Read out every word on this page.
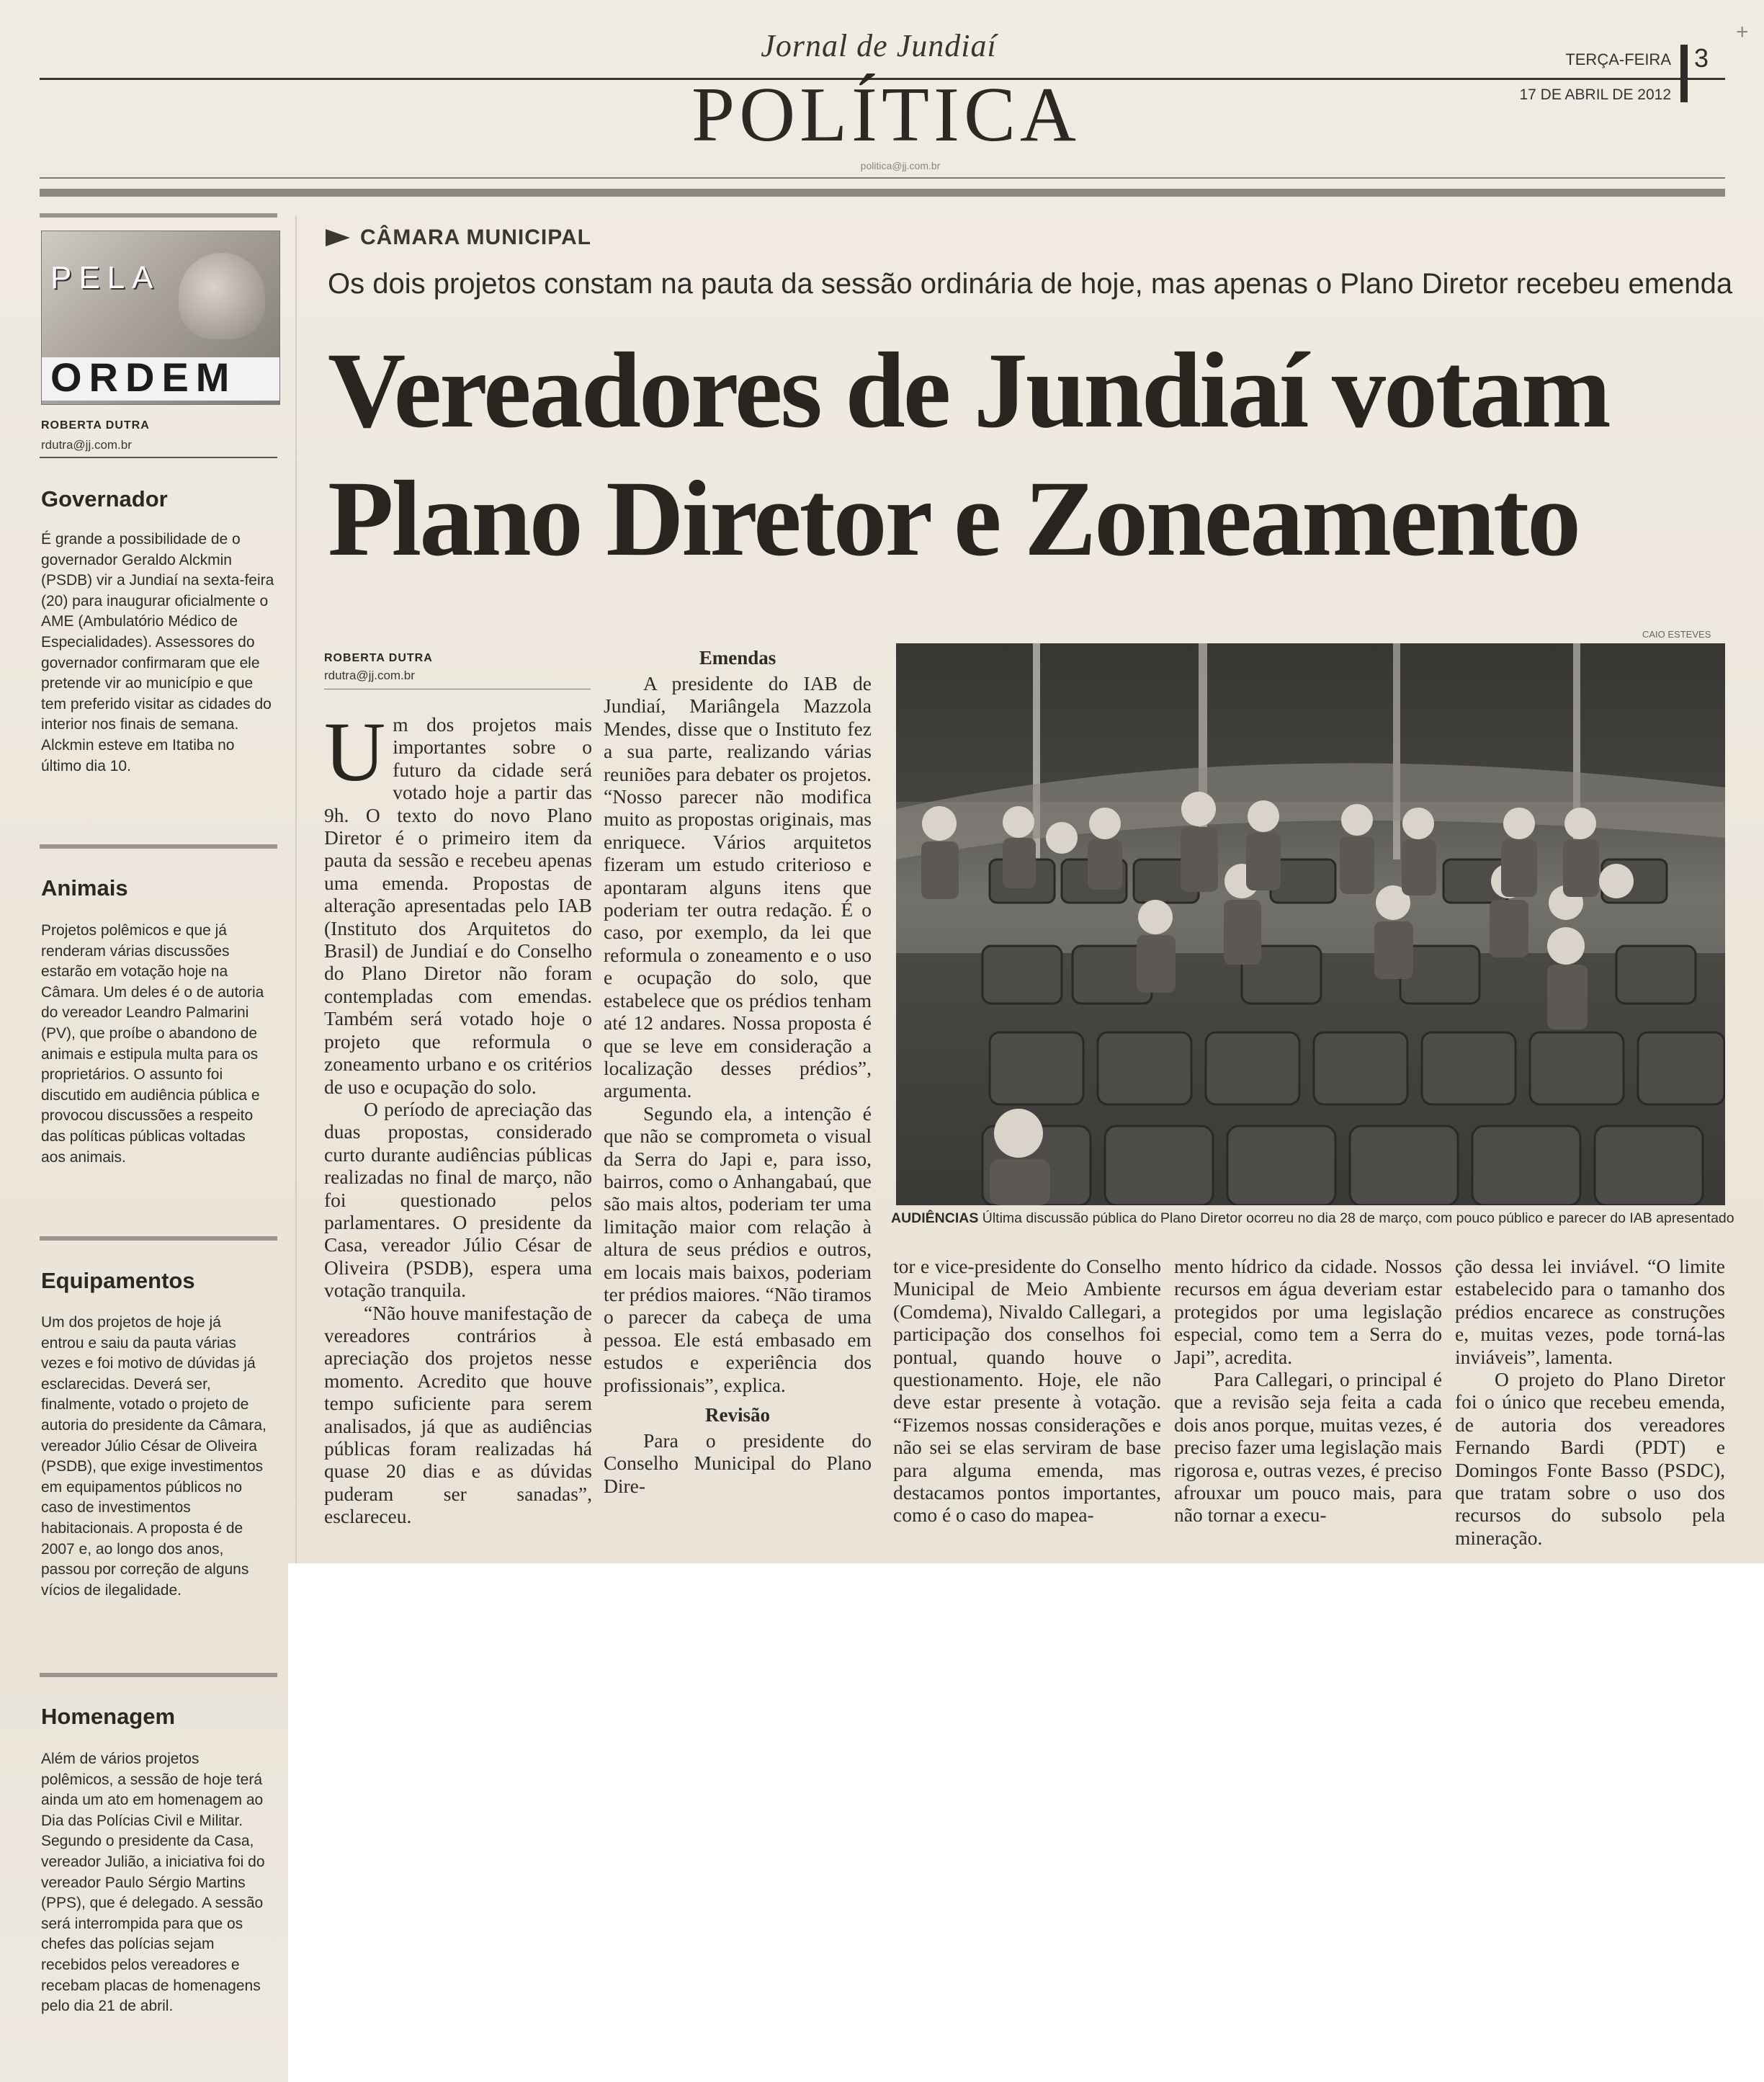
+
Jornal de Jundiaí
POLÍTICA
TERÇA-FEIRA 3
17 DE ABRIL DE 2012
politica@jj.com.br
PELA
ORDEM
ROBERTA DUTRA
rdutra@jj.com.br
Governador
É grande a possibilidade de o
governador Geraldo Alckmin
(PSDB) vir a Jundiaí na sexta-feira
(20) para inaugurar oficialmente o
AME (Ambulatório Médico de
Especialidades). Assessores do
governador confirmaram que ele
pretende vir ao município e que
tem preferido visitar as cidades do
interior nos finais de semana.
Alckmin esteve em Itatiba no
último dia 10.
Animais
Projetos polêmicos e que já
renderam várias discussões
estarão em votação hoje na
Câmara. Um deles é o de autoria
do vereador Leandro Palmarini
(PV), que proíbe o abandono de
animais e estipula multa para os
proprietários. O assunto foi
discutido em audiência pública e
provocou discussões a respeito
das políticas públicas voltadas
aos animais.
Equipamentos
Um dos projetos de hoje já
entrou e saiu da pauta várias
vezes e foi motivo de dúvidas já
esclarecidas. Deverá ser,
finalmente, votado o projeto de
autoria do presidente da Câmara,
vereador Júlio César de Oliveira
(PSDB), que exige investimentos
em equipamentos públicos no
caso de investimentos
habitacionais. A proposta é de
2007 e, ao longo dos anos,
passou por correção de alguns
vícios de ilegalidade.
Homenagem
Além de vários projetos
polêmicos, a sessão de hoje terá
ainda um ato em homenagem ao
Dia das Polícias Civil e Militar.
Segundo o presidente da Casa,
vereador Julião, a iniciativa foi do
vereador Paulo Sérgio Martins
(PPS), que é delegado. A sessão
será interrompida para que os
chefes das polícias sejam
recebidos pelos vereadores e
recebam placas de homenagens
pelo dia 21 de abril.
CÂMARA MUNICIPAL
Os dois projetos constam na pauta da sessão ordinária de hoje, mas apenas o Plano Diretor recebeu emenda
Vereadores de Jundiaí votam
Plano Diretor e Zoneamento
ROBERTA DUTRA
rdutra@jj.com.br
U m dos projetos mais importantes sobre o futuro da cidade será votado hoje a partir das 9h. O texto do novo Plano Diretor é o primeiro item da pauta da sessão e recebeu apenas uma emenda. Propostas de alteração apresentadas pelo IAB (Instituto dos Arquitetos do Brasil) de Jundiaí e do Conselho do Plano Diretor não foram contempladas com emendas. Também será votado hoje o projeto que reformula o zoneamento urbano e os critérios de uso e ocupação do solo.

O período de apreciação das duas propostas, considerado curto durante audiências públicas realizadas no final de março, não foi questionado pelos parlamentares. O presidente da Casa, vereador Júlio César de Oliveira (PSDB), espera uma votação tranquila.

“Não houve manifestação de vereadores contrários à apreciação dos projetos nesse momento. Acredito que houve tempo suficiente para serem analisados, já que as audiências públicas foram realizadas há quase 20 dias e as dúvidas puderam ser sanadas”, esclareceu.

Emendas

A presidente do IAB de Jundiaí, Mariângela Mazzola Mendes, disse que o Instituto fez a sua parte, realizando várias reuniões para debater os projetos. “Nosso parecer não modifica muito as propostas originais, mas enriquece. Vários arquitetos fizeram um estudo criterioso e apontaram alguns itens que poderiam ter outra redação. É o caso, por exemplo, da lei que reformula o zoneamento e o uso e ocupação do solo, que estabelece que os prédios tenham até 12 andares. Nossa proposta é que se leve em consideração a localização desses prédios”, argumenta.

Segundo ela, a intenção é que não se comprometa o visual da Serra do Japi e, para isso, bairros, como o Anhangabaú, que são mais altos, poderiam ter uma limitação maior com relação à altura de seus prédios e outros, em locais mais baixos, poderiam ter prédios maiores. “Não tiramos o parecer da cabeça de uma pessoa. Ele está embasado em estudos e experiência dos profissionais”, explica.

Revisão

Para o presidente do Conselho Municipal do Plano Dire-

CAIO ESTEVES
AUDIÊNCIAS Última discussão pública do Plano Diretor ocorreu no dia 28 de março, com pouco público e parecer do IAB apresentado

tor e vice-presidente do Conselho Municipal de Meio Ambiente (Comdema), Nivaldo Callegari, a participação dos conselhos foi pontual, quando houve o questionamento. Hoje, ele não deve estar presente à votação. “Fizemos nossas considerações e não sei se elas serviram de base para alguma emenda, mas destacamos pontos importantes, como é o caso do mapea-

mento hídrico da cidade. Nossos recursos em água deveriam estar protegidos por uma legislação especial, como tem a Serra do Japi”, acredita.

Para Callegari, o principal é que a revisão seja feita a cada dois anos porque, muitas vezes, é preciso fazer uma legislação mais rigorosa e, outras vezes, é preciso afrouxar um pouco mais, para não tornar a execu-

ção dessa lei inviável. “O limite estabelecido para o tamanho dos prédios encarece as construções e, muitas vezes, pode torná-las inviáveis”, lamenta.

O projeto do Plano Diretor foi o único que recebeu emenda, de autoria dos vereadores Fernando Bardi (PDT) e Domingos Fonte Basso (PSDC), que tratam sobre o uso dos recursos do subsolo pela mineração.
